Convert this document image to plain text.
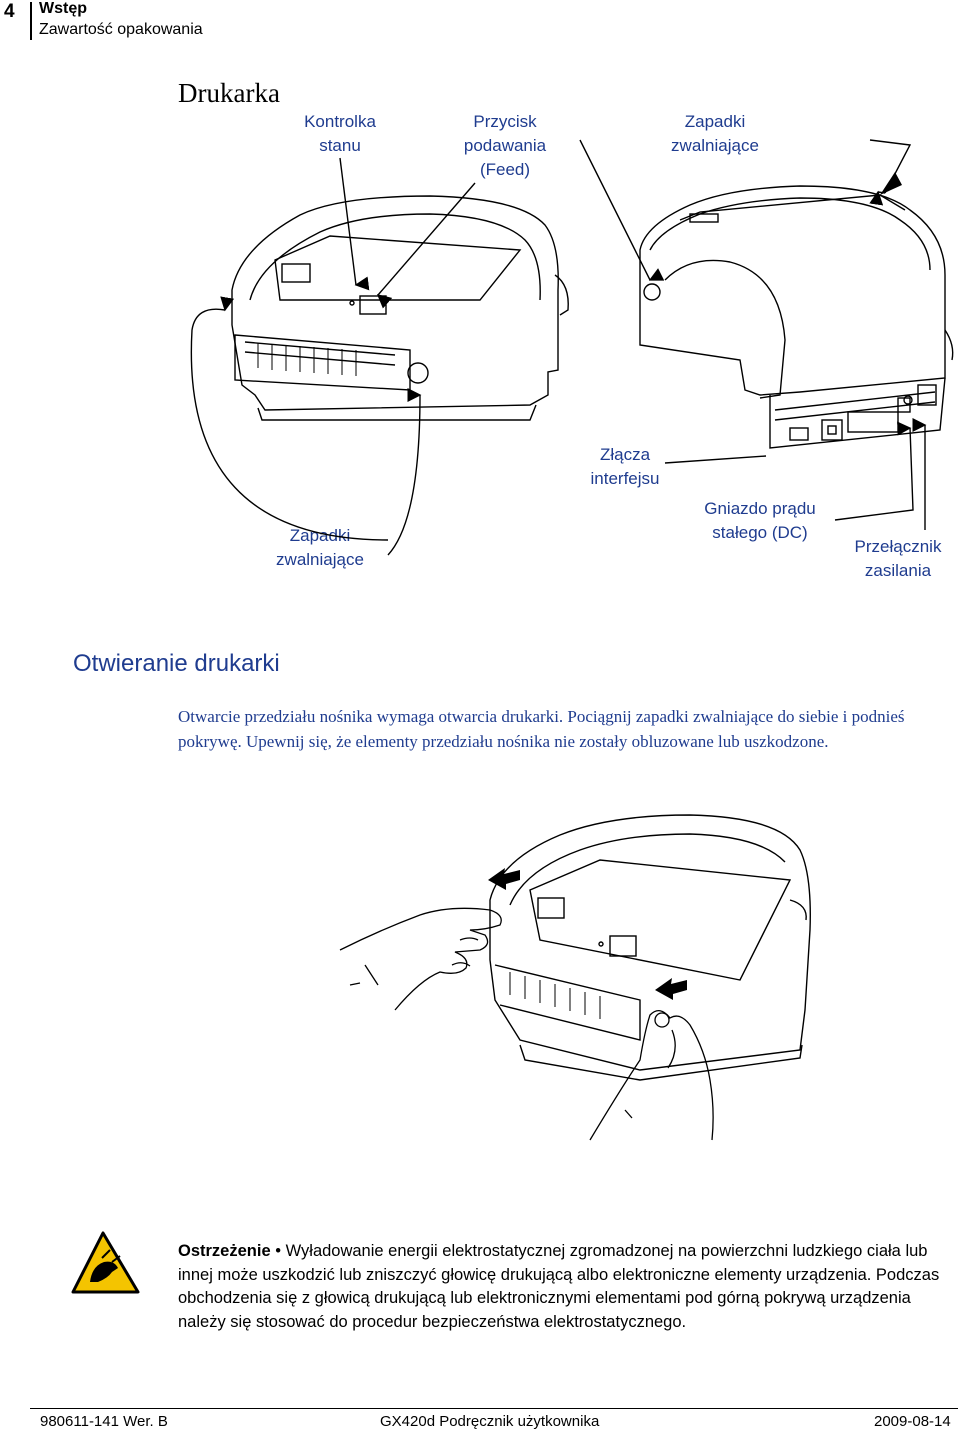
4 Wstęp
Zawartość opakowania
Drukarka
Kontrolka
stanu
Przycisk
podawania
(Feed)
Zapadki
zwalniające
Złącza
interfejsu
Gniazdo prądu
stałego (DC)
Przełącznik
zasilania
Zapadki
zwalniające
Otwieranie drukarki
Otwarcie przedziału nośnika wymaga otwarcia drukarki. Pociągnij zapadki zwalniające do siebie i podnieś pokrywę. Upewnij się, że elementy przedziału nośnika nie zostały obluzowane lub uszkodzone.
Ostrzeżenie • Wyładowanie energii elektrostatycznej zgromadzonej na powierzchni ludzkiego ciała lub innej może uszkodzić lub zniszczyć głowicę drukującą albo elektroniczne elementy urządzenia. Podczas obchodzenia się z głowicą drukującą lub elektronicznymi elementami pod górną pokrywą urządzenia należy się stosować do procedur bezpieczeństwa elektrostatycznego.
980611-141 Wer. B	GX420d Podręcznik użytkownika	2009-08-14
